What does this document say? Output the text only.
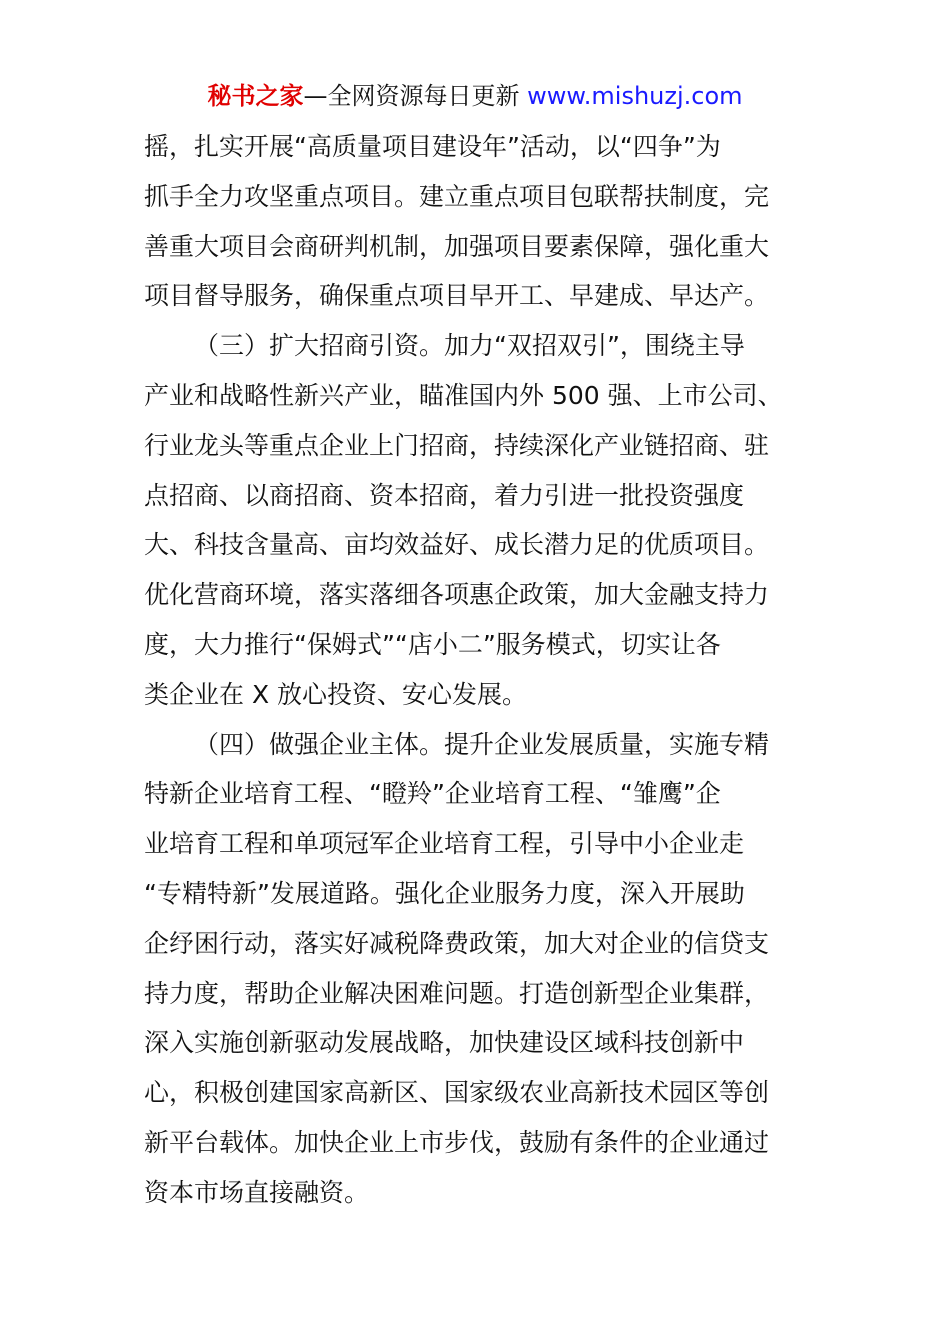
秘书之家—全网资源每日更新 www.mishuzj.com
摇，扎实开展“高质量项目建设年”活动，以“四争”为
抓手全力攻坚重点项目。建立重点项目包联帮扶制度，完
善重大项目会商研判机制，加强项目要素保障，强化重大
项目督导服务，确保重点项目早开工、早建成、早达产。
（三）扩大招商引资。加力“双招双引”，围绕主导
产业和战略性新兴产业，瞄准国内外 500 强、上市公司、
行业龙头等重点企业上门招商，持续深化产业链招商、驻
点招商、以商招商、资本招商，着力引进一批投资强度
大、科技含量高、亩均效益好、成长潜力足的优质项目。
优化营商环境，落实落细各项惠企政策，加大金融支持力
度，大力推行“保姆式”“店小二”服务模式，切实让各
类企业在 X 放心投资、安心发展。
（四）做强企业主体。提升企业发展质量，实施专精
特新企业培育工程、“瞪羚”企业培育工程、“雏鹰”企
业培育工程和单项冠军企业培育工程，引导中小企业走
“专精特新”发展道路。强化企业服务力度，深入开展助
企纾困行动，落实好减税降费政策，加大对企业的信贷支
持力度，帮助企业解决困难问题。打造创新型企业集群，
深入实施创新驱动发展战略，加快建设区域科技创新中
心，积极创建国家高新区、国家级农业高新技术园区等创
新平台载体。加快企业上市步伐，鼓励有条件的企业通过
资本市场直接融资。
